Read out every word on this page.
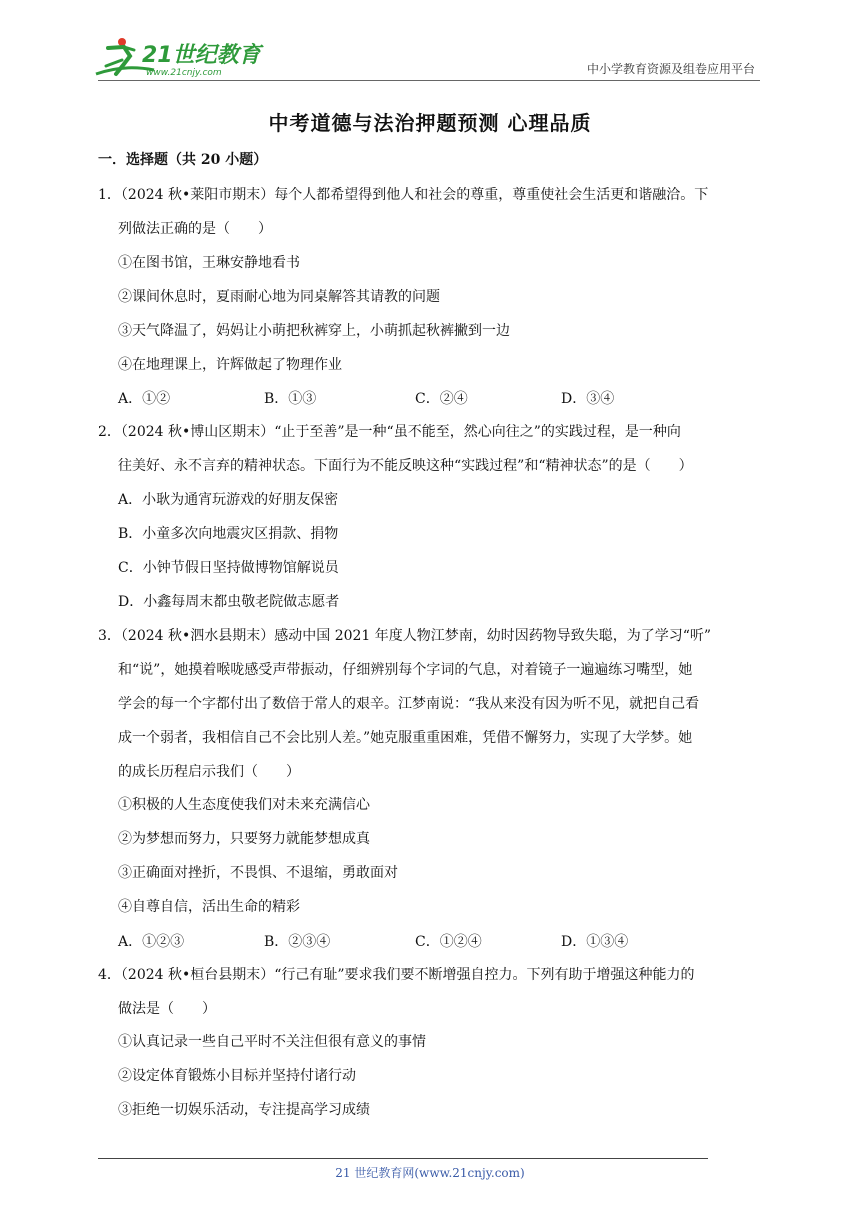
21世纪教育
www.21cnjy.com	中小学教育资源及组卷应用平台
中考道德与法治押题预测 心理品质
一．选择题（共 20 小题）
1．（2024 秋•莱阳市期末）每个人都希望得到他人和社会的尊重，尊重使社会生活更和谐融洽。下
列做法正确的是（　　）
①在图书馆，王琳安静地看书
②课间休息时，夏雨耐心地为同桌解答其请教的问题
③天气降温了，妈妈让小萌把秋裤穿上，小萌抓起秋裤撇到一边
④在地理课上，许辉做起了物理作业
A．①②	B．①③	C．②④	D．③④
2．（2024 秋•博山区期末）“止于至善”是一种“虽不能至，然心向往之”的实践过程，是一种向
往美好、永不言弃的精神状态。下面行为不能反映这种“实践过程”和“精神状态”的是（　　）
A．小耿为通宵玩游戏的好朋友保密
B．小童多次向地震灾区捐款、捐物
C．小钟节假日坚持做博物馆解说员
D．小鑫每周末都虫敬老院做志愿者
3．（2024 秋•泗水县期末）感动中国 2021 年度人物江梦南，幼时因药物导致失聪，为了学习“听”
和“说”，她摸着喉咙感受声带振动，仔细辨别每个字词的气息，对着镜子一遍遍练习嘴型，她
学会的每一个字都付出了数倍于常人的艰辛。江梦南说：“我从来没有因为听不见，就把自己看
成一个弱者，我相信自己不会比别人差。”她克服重重困难，凭借不懈努力，实现了大学梦。她
的成长历程启示我们（　　）
①积极的人生态度使我们对未来充满信心
②为梦想而努力，只要努力就能梦想成真
③正确面对挫折，不畏惧、不退缩，勇敢面对
④自尊自信，活出生命的精彩
A．①②③	B．②③④	C．①②④	D．①③④
4．（2024 秋•桓台县期末）“行己有耻”要求我们要不断增强自控力。下列有助于增强这种能力的
做法是（　　）
①认真记录一些自己平时不关注但很有意义的事情
②设定体育锻炼小目标并坚持付诸行动
③拒绝一切娱乐活动，专注提高学习成绩
21 世纪教育网(www.21cnjy.com)
